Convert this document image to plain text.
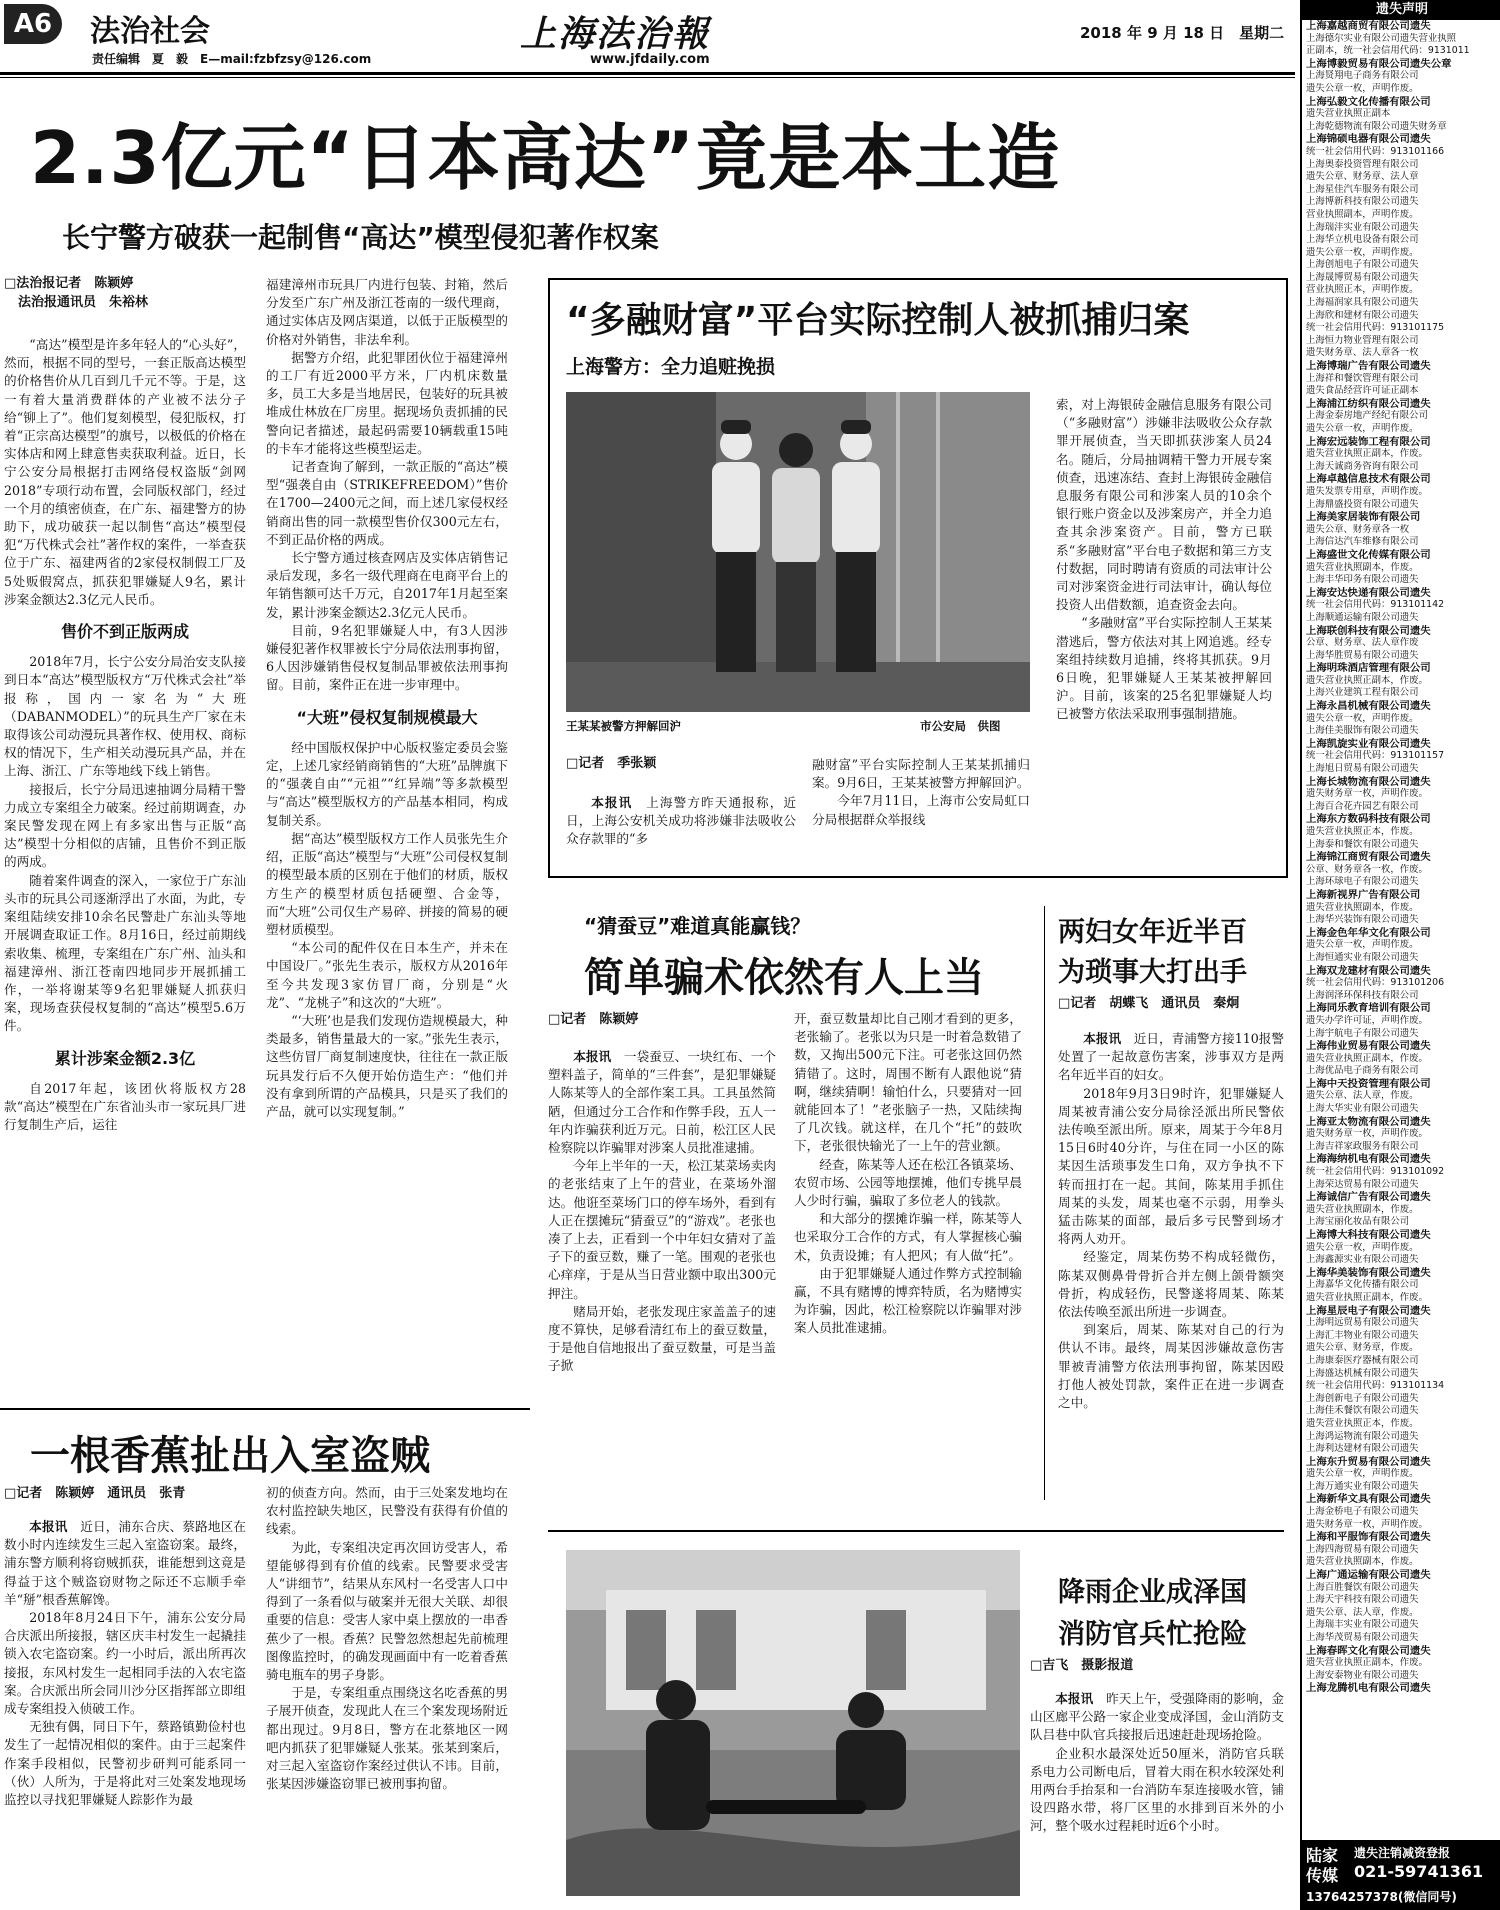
A6	法治社会
责任编辑　夏　毅　E—mail:fzbfzsy@126.com
上海法治報
www.jfdaily.com
2018 年 9 月 18 日　星期二
2.3亿元“日本高达”竟是本土造
长宁警方破获一起制售“高达”模型侵犯著作权案
□法治报记者　陈颖婷
法治报通讯员　朱裕林

“高达”模型是许多年轻人的“心头好”，然而，根据不同的型号，一套正版高达模型的价格售价从几百到几千元不等。于是，这一有着大量消费群体的产业被不法分子给“铆上了”。他们复刻模型，侵犯版权，打着“正宗高达模型”的旗号，以极低的价格在实体店和网上肆意售卖获取利益。近日，长宁公安分局根据打击网络侵权盗版“剑网2018”专项行动布置，会同版权部门，经过一个月的缜密侦查，在广东、福建警方的协助下，成功破获一起以制售“高达”模型侵犯“万代株式会社”著作权的案件，一举查获位于广东、福建两省的2家侵权制假工厂及5处贩假窝点，抓获犯罪嫌疑人9名，累计涉案金额达2.3亿元人民币。

售价不到正版两成

2018年7月，长宁公安分局治安支队接到日本“高达”模型版权方“万代株式会社”举报称，国内一家名为“大班（DABANMODEL）”的玩具生产厂家在未取得该公司动漫玩具著作权、使用权、商标权的情况下，生产相关动漫玩具产品，并在上海、浙江、广东等地线下线上销售。

接报后，长宁分局迅速抽调分局精干警力成立专案组全力破案。经过前期调查，办案民警发现在网上有多家出售与正版“高达”模型十分相似的店铺，且售价不到正版的两成。

随着案件调查的深入，一家位于广东汕头市的玩具公司逐渐浮出了水面，为此，专案组陆续安排10余名民警赴广东汕头等地开展调查取证工作。8月16日，经过前期线索收集、梳理，专案组在广东广州、汕头和福建漳州、浙江苍南四地同步开展抓捕工作，一举将谢某等9名犯罪嫌疑人抓获归案，现场查获侵权复制的“高达”模型5.6万件。

累计涉案金额2.3亿

自2017年起，该团伙将版权方28款“高达”模型在广东省汕头市一家玩具厂进行复制生产后，运往

福建漳州市玩具厂内进行包装、封箱，然后分发至广东广州及浙江苍南的一级代理商，通过实体店及网店渠道，以低于正版模型的价格对外销售，非法牟利。

据警方介绍，此犯罪团伙位于福建漳州的工厂有近2000平方米，厂内机床数量多，员工大多是当地居民，包装好的玩具被堆成仕林放在厂房里。据现场负责抓捕的民警向记者描述，最起码需要10辆载重15吨的卡车才能将这些模型运走。

记者查询了解到，一款正版的“高达”模型“强袭自由（STRIKEFREEDOM）”售价在1700—2400元之间，而上述几家侵权经销商出售的同一款模型售价仅300元左右，不到正品价格的两成。

长宁警方通过核查网店及实体店销售记录后发现，多名一级代理商在电商平台上的年销售额可达千万元，自2017年1月起至案发，累计涉案金额达2.3亿元人民币。

目前，9名犯罪嫌疑人中，有3人因涉嫌侵犯著作权罪被长宁分局依法刑事拘留，6人因涉嫌销售侵权复制品罪被依法刑事拘留。目前，案件正在进一步审理中。

“大班”侵权复制规模最大

经中国版权保护中心版权鉴定委员会鉴定，上述几家经销商销售的“大班”品牌旗下的“强袭自由”“元祖”“红异端”等多款模型与“高达”模型版权方的产品基本相同，构成复制关系。

据“高达”模型版权方工作人员张先生介绍，正版“高达”模型与“大班”公司侵权复制的模型最本质的区别在于他们的材质，版权方生产的模型材质包括硬塑、合金等，而“大班”公司仅生产易碎、拼接的简易的硬塑材质模型。

“本公司的配件仅在日本生产，并未在中国设厂。”张先生表示，版权方从2016年至今共发现3家仿冒厂商，分别是“火龙”、“龙桃子”和这次的“大班”。

“‘大班’也是我们发现仿造规模最大，种类最多，销售量最大的一家。”张先生表示，这些仿冒厂商复制速度快，往往在一款正版玩具发行后不久便开始仿造生产：“他们并没有拿到所谓的产品模具，只是买了我们的产品，就可以实现复制。”

“多融财富”平台实际控制人被抓捕归案
上海警方：全力追赃挽损
王某某被警方押解回沪	市公安局　供图
□记者　季张颖

本报讯　 上海警方昨天通报称，近日，上海公安机关成功将涉嫌非法吸收公众存款罪的“多

融财富”平台实际控制人王某某抓捕归案。9月6日，王某某被警方押解回沪。

今年7月11日，上海市公安局虹口分局根据群众举报线

索，对上海银砖金融信息服务有限公司（“多融财富”）涉嫌非法吸收公众存款罪开展侦查，当天即抓获涉案人员24名。随后，分局抽调精干警力开展专案侦查，迅速冻结、查封上海银砖金融信息服务有限公司和涉案人员的10余个银行账户资金以及涉案房产，并全力追查其余涉案资产。目前，警方已联系“多融财富”平台电子数据和第三方支付数据，同时聘请有资质的司法审计公司对涉案资金进行司法审计，确认每位投资人出借数额，追查资金去向。

“多融财富”平台实际控制人王某某潜逃后，警方依法对其上网追逃。经专案组持续数月追捕，终将其抓获。9月6日晚，犯罪嫌疑人王某某被押解回沪。目前，该案的25名犯罪嫌疑人均已被警方依法采取刑事强制措施。

“猜蚕豆”难道真能赢钱？
简单骗术依然有人上当
□记者　陈颖婷

本报讯　 一袋蚕豆、一块红布、一个塑料盖子，简单的“三件套”，是犯罪嫌疑人陈某等人的全部作案工具。工具虽然简陋，但通过分工合作和作弊手段，五人一年内诈骗获利近万元。日前，松江区人民检察院以诈骗罪对涉案人员批准逮捕。

今年上半年的一天，松江某菜场卖肉的老张结束了上午的营业，在菜场外溜达。他诳至菜场门口的停车场外，看到有人正在摆摊玩“猜蚕豆”的“游戏”。老张也凑了上去，正看到一个中年妇女猜对了盖子下的蚕豆数，赚了一笔。围观的老张也心痒痒，于是从当日营业额中取出300元押注。

赌局开始，老张发现庄家盖盖子的速度不算快，足够看清红布上的蚕豆数量，于是他自信地报出了蚕豆数量，可是当盖子掀

开，蚕豆数量却比自己刚才看到的更多，老张输了。老张以为只是一时着急数错了数，又掏出500元下注。可老张这回仍然猜错了。这时，周围不断有人跟他说“猜啊，继续猜啊！输怕什么，只要猜对一回就能回本了！”老张脑子一热，又陆续掏了几次钱。就这样，在几个“托”的鼓吹下，老张很快输光了一上午的营业额。

经查，陈某等人还在松江各镇菜场、农贸市场、公园等地摆摊，他们专挑早晨人少时行骗，骗取了多位老人的钱款。

和大部分的摆摊诈骗一样，陈某等人也采取分工合作的方式，有人掌握核心骗术，负责设摊；有人把风；有人做“托”。

由于犯罪嫌疑人通过作弊方式控制输赢，不具有赌博的博弈特质，名为赌博实为诈骗，因此，松江检察院以诈骗罪对涉案人员批准逮捕。

两妇女年近半百
为琐事大打出手
□记者　胡蝶飞　通讯员　秦炯

本报讯　 近日，青浦警方接110报警处置了一起故意伤害案，涉事双方是两名年近半百的妇女。

2018年9月3日9时许，犯罪嫌疑人周某被青浦公安分局徐泾派出所民警依法传唤至派出所。原来，周某于今年8月15日6时40分许，与住在同一小区的陈某因生活琐事发生口角，双方争执不下转而扭打在一起。其间，陈某用手抓住周某的头发，周某也毫不示弱，用拳头猛击陈某的面部，最后多亏民警到场才将两人劝开。

经鉴定，周某伤势不构成轻微伤，陈某双侧鼻骨骨折合并左侧上颌骨额突骨折，构成轻伤，民警遂将周某、陈某依法传唤至派出所进一步调查。

到案后，周某、陈某对自己的行为供认不讳。最终，周某因涉嫌故意伤害罪被青浦警方依法刑事拘留，陈某因殴打他人被处罚款，案件正在进一步调查之中。

一根香蕉扯出入室盗贼
□记者　陈颖婷　通讯员　张青

本报讯　 近日，浦东合庆、蔡路地区在数小时内连续发生三起入室盗窃案。最终，浦东警方顺利将窃贼抓获，谁能想到这竟是得益于这个贼盗窃财物之际还不忘顺手牵羊“掰”根香蕉解馋。

2018年8月24日下午，浦东公安分局合庆派出所接报，辖区庆丰村发生一起撬挂锁入农宅盗窃案。约一小时后，派出所再次接报，东风村发生一起相同手法的入农宅盗案。合庆派出所会同川沙分区指挥部立即组成专案组投入侦破工作。

无独有偶，同日下午，蔡路镇勤俭村也发生了一起情况相似的案件。由于三起案件作案手段相似，民警初步研判可能系同一（伙）人所为，于是将此对三处案发地现场监控以寻找犯罪嫌疑人踪影作为最

初的侦查方向。然而，由于三处案发地均在农村监控缺失地区，民警没有获得有价值的线索。

为此，专案组决定再次回访受害人，希望能够得到有价值的线索。民警要求受害人“讲细节”，结果从东风村一名受害人口中得到了一条看似与破案并无很大关联、却很重要的信息：受害人家中桌上摆放的一串香蕉少了一根。香蕉？民警忽然想起先前梳理图像监控时，的确发现画面中有一吃着香蕉骑电瓶车的男子身影。

于是，专案组重点围绕这名吃香蕉的男子展开侦查，发现此人在三个案发现场附近都出现过。9月8日，警方在北蔡地区一网吧内抓获了犯罪嫌疑人张某。张某到案后，对三起入室盗窃作案经过供认不讳。目前，张某因涉嫌盗窃罪已被刑事拘留。

降雨企业成泽国
消防官兵忙抢险
□吉飞　摄影报道

本报讯　 昨天上午，受强降雨的影响，金山区廊平公路一家企业变成泽国，金山消防支队吕巷中队官兵接报后迅速赶赴现场抢险。

企业积水最深处近50厘米，消防官兵联系电力公司断电后，冒着大雨在积水较深处利用两台手抬泵和一台消防车泵连接吸水管，铺设四路水带，将厂区里的水排到百米外的小河，整个吸水过程耗时近6个小时。

遗失声明
上海嘉越商贸有限公司遗失
上海德尔实业有限公司遗失营业执照
正副本，统一社会信用代码：9131011
上海博毅贸易有限公司遗失公章
上海贤翔电子商务有限公司
遗失公章一枚，声明作废。
上海弘毅文化传播有限公司
遗失营业执照正副本
上海乾德物流有限公司遗失财务章
上海锦硕电器有限公司遗失
统一社会信用代码：913101166
上海奥泰投资管理有限公司
遗失公章、财务章、法人章
上海星佳汽车服务有限公司
上海博新科技有限公司遗失
营业执照副本，声明作废。
上海瑞沣实业有限公司遗失
上海华立机电设备有限公司
遗失公章一枚，声明作废。
上海创旭电子有限公司遗失
上海晟博贸易有限公司遗失
营业执照正本，声明作废。
上海福润家具有限公司遗失
上海欣和建材有限公司遗失
统一社会信用代码：913101175
上海恒力物业管理有限公司
遗失财务章、法人章各一枚
上海博瑞广告有限公司遗失
上海祥和餐饮管理有限公司
遗失食品经营许可证正副本
上海浦江纺织有限公司遗失
上海金泰房地产经纪有限公司
遗失公章一枚，声明作废。
上海宏远装饰工程有限公司
遗失营业执照正副本，作废。
上海天诚商务咨询有限公司
上海卓越信息技术有限公司
遗失发票专用章，声明作废。
上海鼎盛投资有限公司遗失
上海美家居装饰有限公司
遗失公章、财务章各一枚
上海信达汽车维修有限公司
上海盛世文化传媒有限公司
遗失营业执照副本，作废。
上海丰华印务有限公司遗失
上海安达快递有限公司遗失
统一社会信用代码：913101142
上海顺通运输有限公司遗失
上海联创科技有限公司遗失
公章、财务章、法人章作废
上海华胜贸易有限公司遗失
上海明珠酒店管理有限公司
遗失营业执照正副本，作废。
上海兴业建筑工程有限公司
上海永昌机械有限公司遗失
遗失公章一枚，声明作废。
上海佳美服饰有限公司遗失
上海凯旋实业有限公司遗失
统一社会信用代码：913101157
上海旭日贸易有限公司遗失
上海长城物流有限公司遗失
遗失财务章一枚，声明作废。
上海百合花卉园艺有限公司
上海东方数码科技有限公司
遗失营业执照正本，作废。
上海泰和餐饮有限公司遗失
上海锦江商贸有限公司遗失
公章、财务章各一枚，作废。
上海环球电子有限公司遗失
上海新视界广告有限公司
遗失营业执照副本，作废。
上海华兴装饰有限公司遗失
上海金色年华文化有限公司
遗失公章一枚，声明作废。
上海恒通实业有限公司遗失
上海双龙建材有限公司遗失
统一社会信用代码：913101206
上海润泽环保科技有限公司
上海同乐教育培训有限公司
遗失办学许可证，声明作废。
上海宇航电子有限公司遗失
上海伟业贸易有限公司遗失
遗失营业执照正副本，作废。
上海优品电子商务有限公司
上海中天投资管理有限公司
遗失公章、法人章，作废。
上海大华实业有限公司遗失
上海亚太物流有限公司遗失
遗失财务章一枚，声明作废。
上海吉祥家政服务有限公司
上海海纳机电有限公司遗失
统一社会信用代码：913101092
上海荣达贸易有限公司遗失
上海诚信广告有限公司遗失
遗失营业执照副本，作废。
上海宝丽化妆品有限公司
上海博大科技有限公司遗失
遗失公章一枚，声明作废。
上海鑫源实业有限公司遗失
上海华美装饰有限公司遗失
上海嘉华文化传播有限公司
遗失营业执照正副本，作废。
上海星辰电子有限公司遗失
上海明远贸易有限公司遗失
上海汇丰物业有限公司遗失
遗失公章、财务章，作废。
上海康泰医疗器械有限公司
上海盛达机械有限公司遗失
统一社会信用代码：913101134
上海创新电子有限公司遗失
上海佳禾餐饮有限公司遗失
遗失营业执照正本，作废。
上海鸿运物流有限公司遗失
上海利达建材有限公司遗失
上海东升贸易有限公司遗失
遗失公章一枚，声明作废。
上海万通实业有限公司遗失
上海新华文具有限公司遗失
上海金桥电子有限公司遗失
遗失财务章一枚，声明作废。
上海和平服饰有限公司遗失
上海四海贸易有限公司遗失
遗失营业执照副本，作废。
上海广通运输有限公司遗失
上海百胜餐饮有限公司遗失
上海天宇科技有限公司遗失
遗失公章、法人章，作废。
上海瑞丰实业有限公司遗失
上海华茂贸易有限公司遗失
上海春晖文化有限公司遗失
遗失营业执照正副本，作废。
上海安泰物业有限公司遗失
上海龙腾机电有限公司遗失
陆家
传媒
遗失注销减资登报
021-59741361
13764257378(微信同号)
